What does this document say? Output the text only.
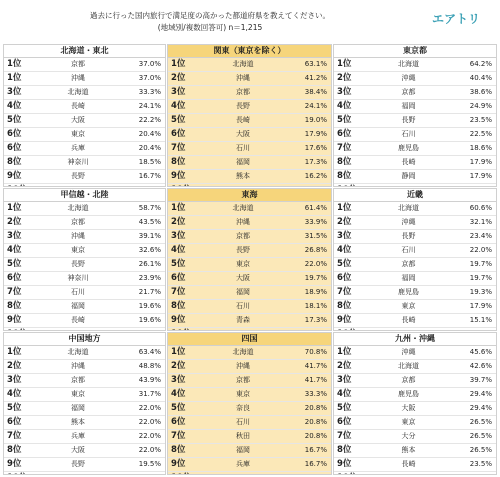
過去に行った国内旅行で満足度の高かった都道府県を教えてください。
(地域別/複数回答可) n＝1,215
エアトリ
北海道・東北
1位	京都	37.0%
1位	沖縄	37.0%
3位	北海道	33.3%
4位	長崎	24.1%
5位	大阪	22.2%
6位	東京	20.4%
6位	兵庫	20.4%
8位	神奈川	18.5%
9位	長野	16.7%
関東（東京を除く）
1位	北海道	63.1%
2位	沖縄	41.2%
3位	京都	38.4%
4位	長野	24.1%
5位	長崎	19.0%
6位	大阪	17.9%
7位	石川	17.6%
8位	福岡	17.3%
9位	熊本	16.2%
東京都
1位	北海道	64.2%
2位	沖縄	40.4%
3位	京都	38.6%
4位	福岡	24.9%
5位	長野	23.5%
6位	石川	22.5%
7位	鹿児島	18.6%
8位	長崎	17.9%
8位	静岡	17.9%
甲信越・北陸
1位	北海道	58.7%
2位	京都	43.5%
3位	沖縄	39.1%
4位	東京	32.6%
5位	長野	26.1%
6位	神奈川	23.9%
7位	石川	21.7%
8位	福岡	19.6%
9位	長崎	19.6%
東海
1位	北海道	61.4%
2位	沖縄	33.9%
3位	京都	31.5%
4位	長野	26.8%
5位	東京	22.0%
6位	大阪	19.7%
7位	福岡	18.9%
8位	石川	18.1%
9位	青森	17.3%
近畿
1位	北海道	60.6%
2位	沖縄	32.1%
3位	長野	23.4%
4位	石川	22.0%
5位	京都	19.7%
6位	福岡	19.7%
7位	鹿児島	19.3%
8位	東京	17.9%
9位	長崎	15.1%
中国地方
1位	北海道	63.4%
2位	沖縄	48.8%
3位	京都	43.9%
4位	東京	31.7%
5位	福岡	22.0%
6位	熊本	22.0%
7位	兵庫	22.0%
8位	大阪	22.0%
9位	長野	19.5%
四国
1位	北海道	70.8%
2位	沖縄	41.7%
3位	京都	41.7%
4位	東京	33.3%
5位	奈良	20.8%
6位	石川	20.8%
7位	秋田	20.8%
8位	福岡	16.7%
9位	兵庫	16.7%
九州・沖縄
1位	沖縄	45.6%
2位	北海道	42.6%
3位	京都	39.7%
4位	鹿児島	29.4%
5位	大阪	29.4%
6位	東京	26.5%
7位	大分	26.5%
8位	熊本	26.5%
9位	長崎	23.5%
